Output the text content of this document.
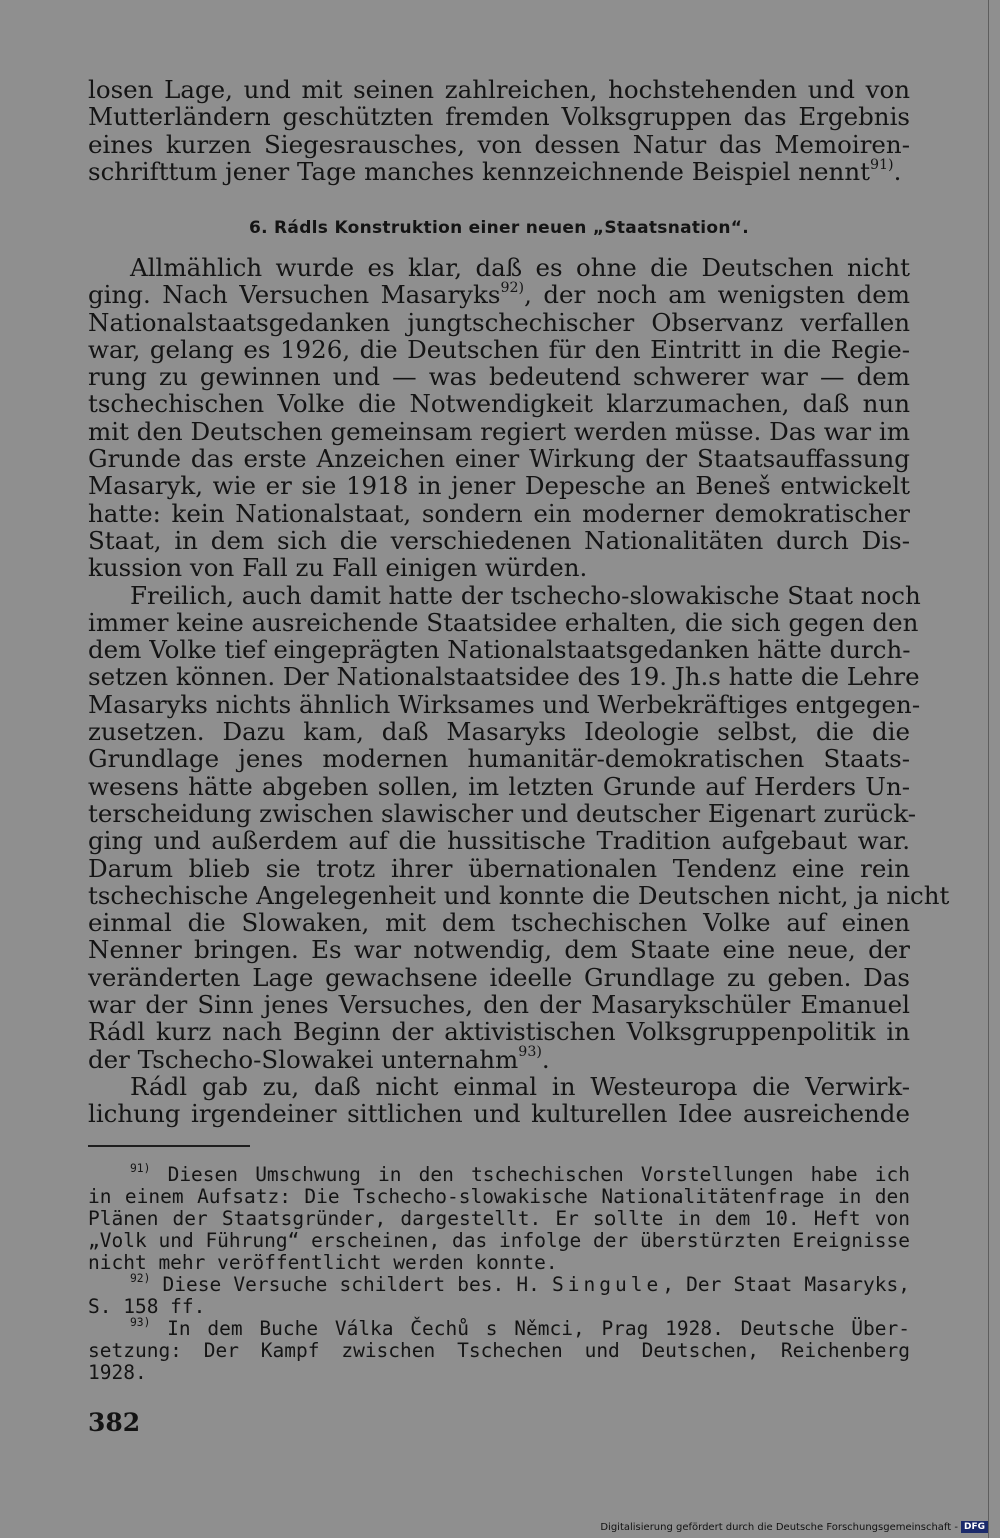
losen Lage, und mit seinen zahlreichen, hochstehenden und von
Mutterländern geschützten fremden Volksgruppen das Ergebnis
eines kurzen Siegesrausches, von dessen Natur das Memoiren-
schrifttum jener Tage manches kennzeichnende Beispiel nennt$^{91)}$.
6. Rádls Konstruktion einer neuen „Staatsnation“.
Allmählich wurde es klar, daß es ohne die Deutschen nicht
ging. Nach Versuchen Masaryks$^{92)}$, der noch am wenigsten dem
Nationalstaatsgedanken jungtschechischer Observanz verfallen
war, gelang es 1926, die Deutschen für den Eintritt in die Regie-
rung zu gewinnen und — was bedeutend schwerer war — dem
tschechischen Volke die Notwendigkeit klarzumachen, daß nun
mit den Deutschen gemeinsam regiert werden müsse. Das war im
Grunde das erste Anzeichen einer Wirkung der Staatsauffassung
Masaryk, wie er sie 1918 in jener Depesche an Beneš entwickelt
hatte: kein Nationalstaat, sondern ein moderner demokratischer
Staat, in dem sich die verschiedenen Nationalitäten durch Dis-
kussion von Fall zu Fall einigen würden.
Freilich, auch damit hatte der tschecho-slowakische Staat noch
immer keine ausreichende Staatsidee erhalten, die sich gegen den
dem Volke tief eingeprägten Nationalstaatsgedanken hätte durch-
setzen können. Der Nationalstaatsidee des 19. Jh.s hatte die Lehre
Masaryks nichts ähnlich Wirksames und Werbekräftiges entgegen-
zusetzen. Dazu kam, daß Masaryks Ideologie selbst, die die
Grundlage jenes modernen humanitär-demokratischen Staats-
wesens hätte abgeben sollen, im letzten Grunde auf Herders Un-
terscheidung zwischen slawischer und deutscher Eigenart zurück-
ging und außerdem auf die hussitische Tradition aufgebaut war.
Darum blieb sie trotz ihrer übernationalen Tendenz eine rein
tschechische Angelegenheit und konnte die Deutschen nicht, ja nicht
einmal die Slowaken, mit dem tschechischen Volke auf einen
Nenner bringen. Es war notwendig, dem Staate eine neue, der
veränderten Lage gewachsene ideelle Grundlage zu geben. Das
war der Sinn jenes Versuches, den der Masarykschüler Emanuel
Rádl kurz nach Beginn der aktivistischen Volksgruppenpolitik in
der Tschecho-Slowakei unternahm$^{93)}$.
Rádl gab zu, daß nicht einmal in Westeuropa die Verwirk-
lichung irgendeiner sittlichen und kulturellen Idee ausreichende
$^{91)}$ Diesen Umschwung in den tschechischen Vorstellungen habe ich
in einem Aufsatz: Die Tschecho-slowakische Nationalitätenfrage in den
Plänen der Staatsgründer, dargestellt. Er sollte in dem 10. Heft von
„Volk und Führung“ erscheinen, das infolge der überstürzten Ereignisse
nicht mehr veröffentlicht werden konnte.
$^{92)}$ Diese Versuche schildert bes. H. Singule, Der Staat Masaryks,
S. 158 ff.
$^{93)}$ In dem Buche Válka Čechů s Němci, Prag 1928. Deutsche Über-
setzung: Der Kampf zwischen Tschechen und Deutschen, Reichenberg
1928.
382
Digitalisierung gefördert durch die Deutsche Forschungsgemeinschaft - DFG
